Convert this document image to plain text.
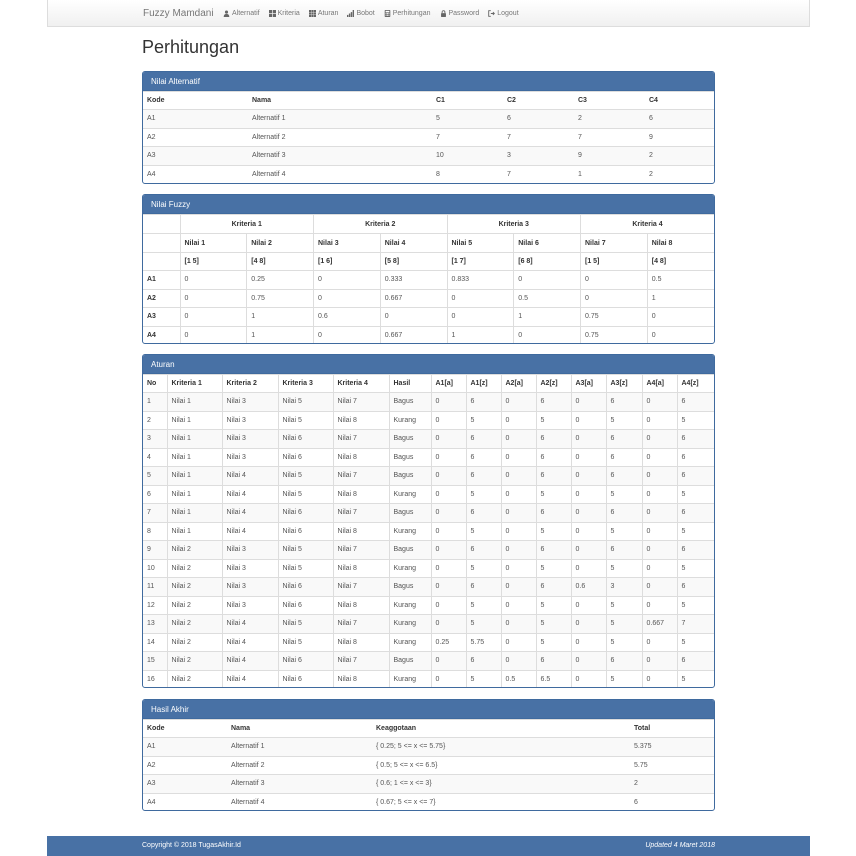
Fuzzy Mamdani	Alternatif	Kriteria	Aturan	Bobot	Perhitungan	Password	Logout
Perhitungan
Nilai Alternatif
Kode	Nama	C1	C2	C3	C4
A1	Alternatif 1	5	6	2	6
A2	Alternatif 2	7	7	7	9
A3	Alternatif 3	10	3	9	2
A4	Alternatif 4	8	7	1	2
Nilai Fuzzy
	Kriteria 1		Kriteria 2		Kriteria 3		Kriteria 4	
	Nilai 1	Nilai 2	Nilai 3	Nilai 4	Nilai 5	Nilai 6	Nilai 7	Nilai 8
	[1 5]	[4 8]	[1 6]	[5 8]	[1 7]	[6 8]	[1 5]	[4 8]
A1	0	0.25	0	0.333	0.833	0	0	0.5
A2	0	0.75	0	0.667	0	0.5	0	1
A3	0	1	0.6	0	0	1	0.75	0
A4	0	1	0	0.667	1	0	0.75	0
Aturan
No	Kriteria 1	Kriteria 2	Kriteria 3	Kriteria 4	Hasil	A1[a]	A1[z]	A2[a]	A2[z]	A3[a]	A3[z]	A4[a]	A4[z]
1	Nilai 1	Nilai 3	Nilai 5	Nilai 7	Bagus	0	6	0	6	0	6	0	6
2	Nilai 1	Nilai 3	Nilai 5	Nilai 8	Kurang	0	5	0	5	0	5	0	5
3	Nilai 1	Nilai 3	Nilai 6	Nilai 7	Bagus	0	6	0	6	0	6	0	6
4	Nilai 1	Nilai 3	Nilai 6	Nilai 8	Bagus	0	6	0	6	0	6	0	6
5	Nilai 1	Nilai 4	Nilai 5	Nilai 7	Bagus	0	6	0	6	0	6	0	6
6	Nilai 1	Nilai 4	Nilai 5	Nilai 8	Kurang	0	5	0	5	0	5	0	5
7	Nilai 1	Nilai 4	Nilai 6	Nilai 7	Bagus	0	6	0	6	0	6	0	6
8	Nilai 1	Nilai 4	Nilai 6	Nilai 8	Kurang	0	5	0	5	0	5	0	5
9	Nilai 2	Nilai 3	Nilai 5	Nilai 7	Bagus	0	6	0	6	0	6	0	6
10	Nilai 2	Nilai 3	Nilai 5	Nilai 8	Kurang	0	5	0	5	0	5	0	5
11	Nilai 2	Nilai 3	Nilai 6	Nilai 7	Bagus	0	6	0	6	0.6	3	0	6
12	Nilai 2	Nilai 3	Nilai 6	Nilai 8	Kurang	0	5	0	5	0	5	0	5
13	Nilai 2	Nilai 4	Nilai 5	Nilai 7	Kurang	0	5	0	5	0	5	0.667	7
14	Nilai 2	Nilai 4	Nilai 5	Nilai 8	Kurang	0.25	5.75	0	5	0	5	0	5
15	Nilai 2	Nilai 4	Nilai 6	Nilai 7	Bagus	0	6	0	6	0	6	0	6
16	Nilai 2	Nilai 4	Nilai 6	Nilai 8	Kurang	0	5	0.5	6.5	0	5	0	5
Hasil Akhir
Kode	Nama	Keaggotaan	Total
A1	Alternatif 1	{ 0.25; 5 <= x <= 5.75}	5.375
A2	Alternatif 2	{ 0.5; 5 <= x <= 6.5}	5.75
A3	Alternatif 3	{ 0.6; 1 <= x <= 3}	2
A4	Alternatif 4	{ 0.67; 5 <= x <= 7}	6
Copyright © 2018 TugasAkhir.Id	Updated 4 Maret 2018
